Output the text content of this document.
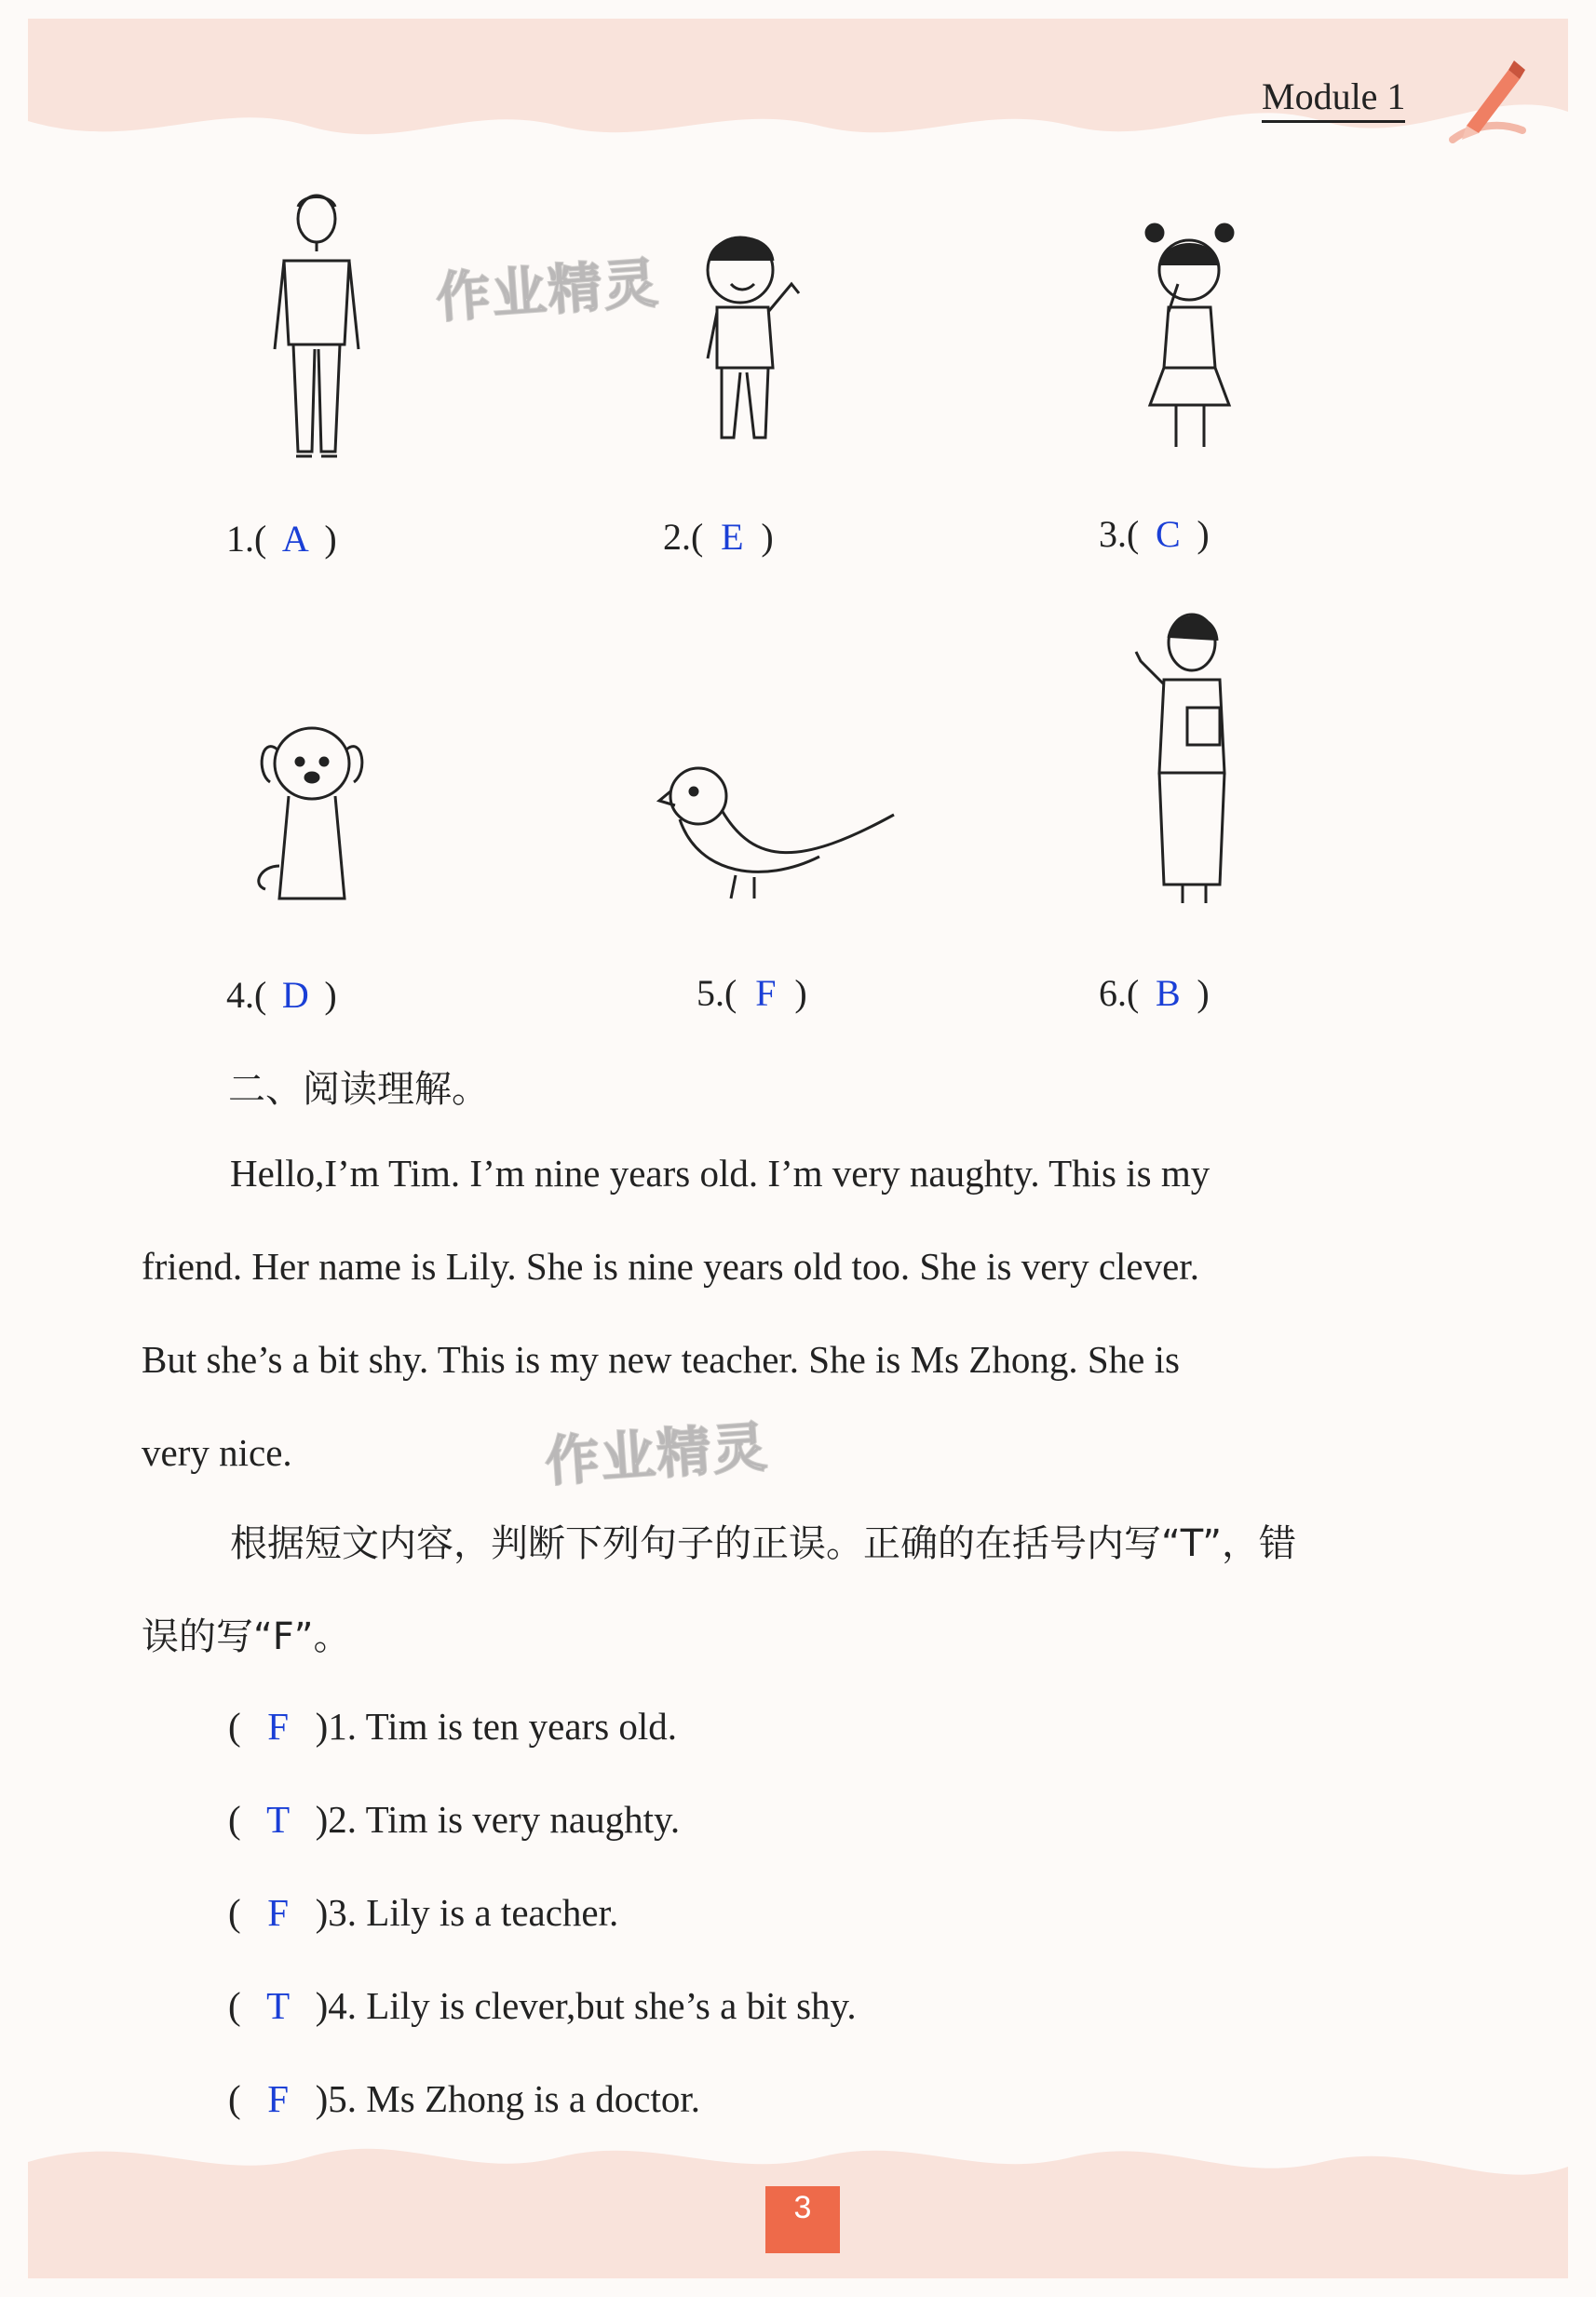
Module 1
作业精灵
1.( A )	2.( E )	3.( C )
4.( D )	5.( F )	6.( B )
二、阅读理解。
Hello,I’m Tim. I’m nine years old. I’m very naughty. This is my
friend. Her name is Lily. She is nine years old too. She is very clever.
But she’s a bit shy. This is my new teacher. She is Ms Zhong. She is
very nice.	作业精灵
根据短文内容，判断下列句子的正误。正确的在括号内写“T”，错
误的写“F”。
( F )1. Tim is ten years old.
( T )2. Tim is very naughty.
( F )3. Lily is a teacher.
( T )4. Lily is clever,but she’s a bit shy.
( F )5. Ms Zhong is a doctor.
3
